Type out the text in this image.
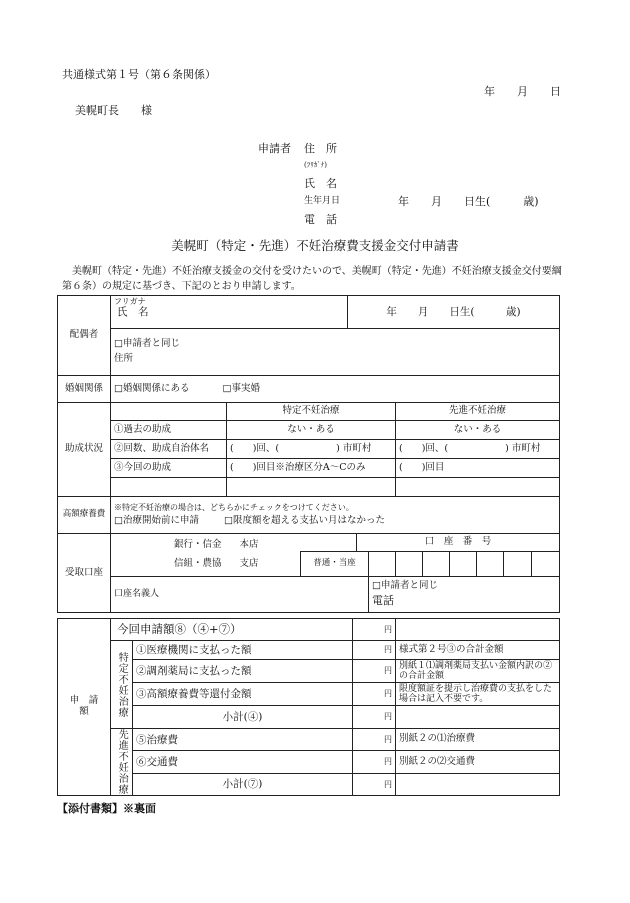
共通様式第１号（第６条関係）
年　　月　　日
美幌町長　　様
申請者 住　所
(ﾌﾘｶﾞﾅ)
氏　名
生年月日	年　　月　　日生(　　　歳)
電　話
美幌町（特定・先進）不妊治療費支援金交付申請書
美幌町（特定・先進）不妊治療支援金の交付を受けたいので、美幌町（特定・先進）不妊治療支援金交付要綱第６条）の規定に基づき、下記のとおり申請します。
配偶者	
フリガナ
氏　名	年　　月　　日生(　　　歳)

□申請者と同じ
住所
婚姻関係	□婚姻関係にある	□事実婚
助成状況		特定不妊治療	先進不妊治療
	①過去の助成	ない・ある	ない・ある
	②回数、助成自治体名	(　　)回、(　　　　　　) 市町村	(　　)回、(　　　　　　) 市町村
	③今回の助成	(　　)回目※治療区分A～Cのみ	(　　)回目

高額療養費	
※特定不妊治療の場合は、どちらかにチェックをつけてください。
□治療開始前に申請	□限度額を超える支払い月はなかった
受取口座	銀行・信金 本店
信組・農協 支店		口　座　番　号							
		普通・当座								
	口座名義人			□申請者と同じ
電話						
申　請　額	今回申請額⑧（④+⑦）		円	
	特定不妊治療	①医療機関に支払った額	円	様式第２号③の合計金額
		②調剤薬局に支払った額	円	別紙１⑴調剤薬局支払い金額内訳の②の合計金額
		③高額療養費等還付金額	円	限度額証を提示し治療費の支払をした場合は記入不要です。
		小計(④)	円	
	先進不妊治療	⑤治療費	円	別紙２の⑴治療費
		⑥交通費	円	別紙２の⑵交通費
		小計(⑦)	円	
【添付書類】※裏面
